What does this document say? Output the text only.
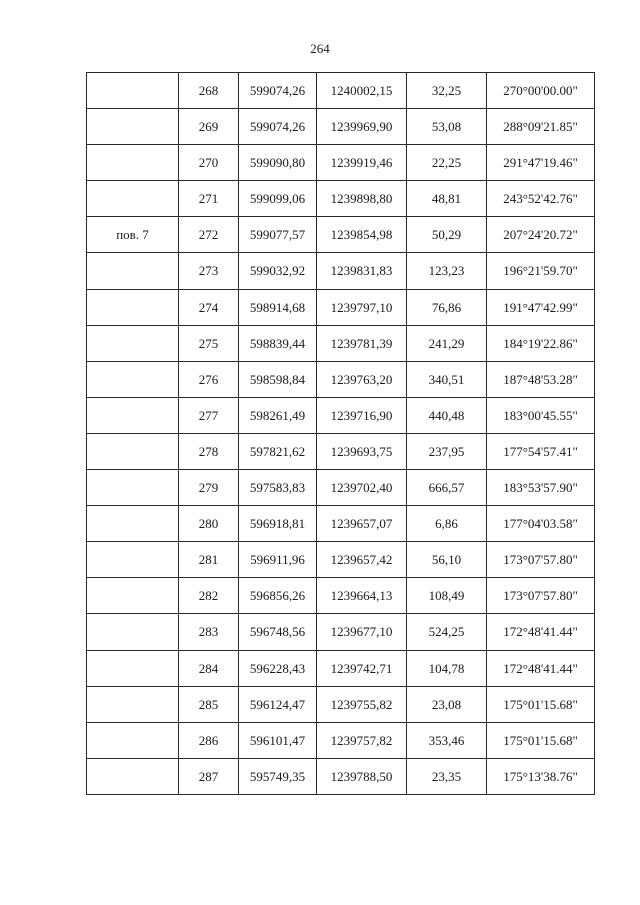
264
	268	599074,26	1240002,15	32,25	270°00'00.00"
	269	599074,26	1239969,90	53,08	288°09'21.85"
	270	599090,80	1239919,46	22,25	291°47'19.46"
	271	599099,06	1239898,80	48,81	243°52'42.76"
пов. 7	272	599077,57	1239854,98	50,29	207°24'20.72"
	273	599032,92	1239831,83	123,23	196°21'59.70"
	274	598914,68	1239797,10	76,86	191°47'42.99"
	275	598839,44	1239781,39	241,29	184°19'22.86"
	276	598598,84	1239763,20	340,51	187°48'53.28"
	277	598261,49	1239716,90	440,48	183°00'45.55"
	278	597821,62	1239693,75	237,95	177°54'57.41"
	279	597583,83	1239702,40	666,57	183°53'57.90"
	280	596918,81	1239657,07	6,86	177°04'03.58"
	281	596911,96	1239657,42	56,10	173°07'57.80"
	282	596856,26	1239664,13	108,49	173°07'57.80"
	283	596748,56	1239677,10	524,25	172°48'41.44"
	284	596228,43	1239742,71	104,78	172°48'41.44"
	285	596124,47	1239755,82	23,08	175°01'15.68"
	286	596101,47	1239757,82	353,46	175°01'15.68"
	287	595749,35	1239788,50	23,35	175°13'38.76"
